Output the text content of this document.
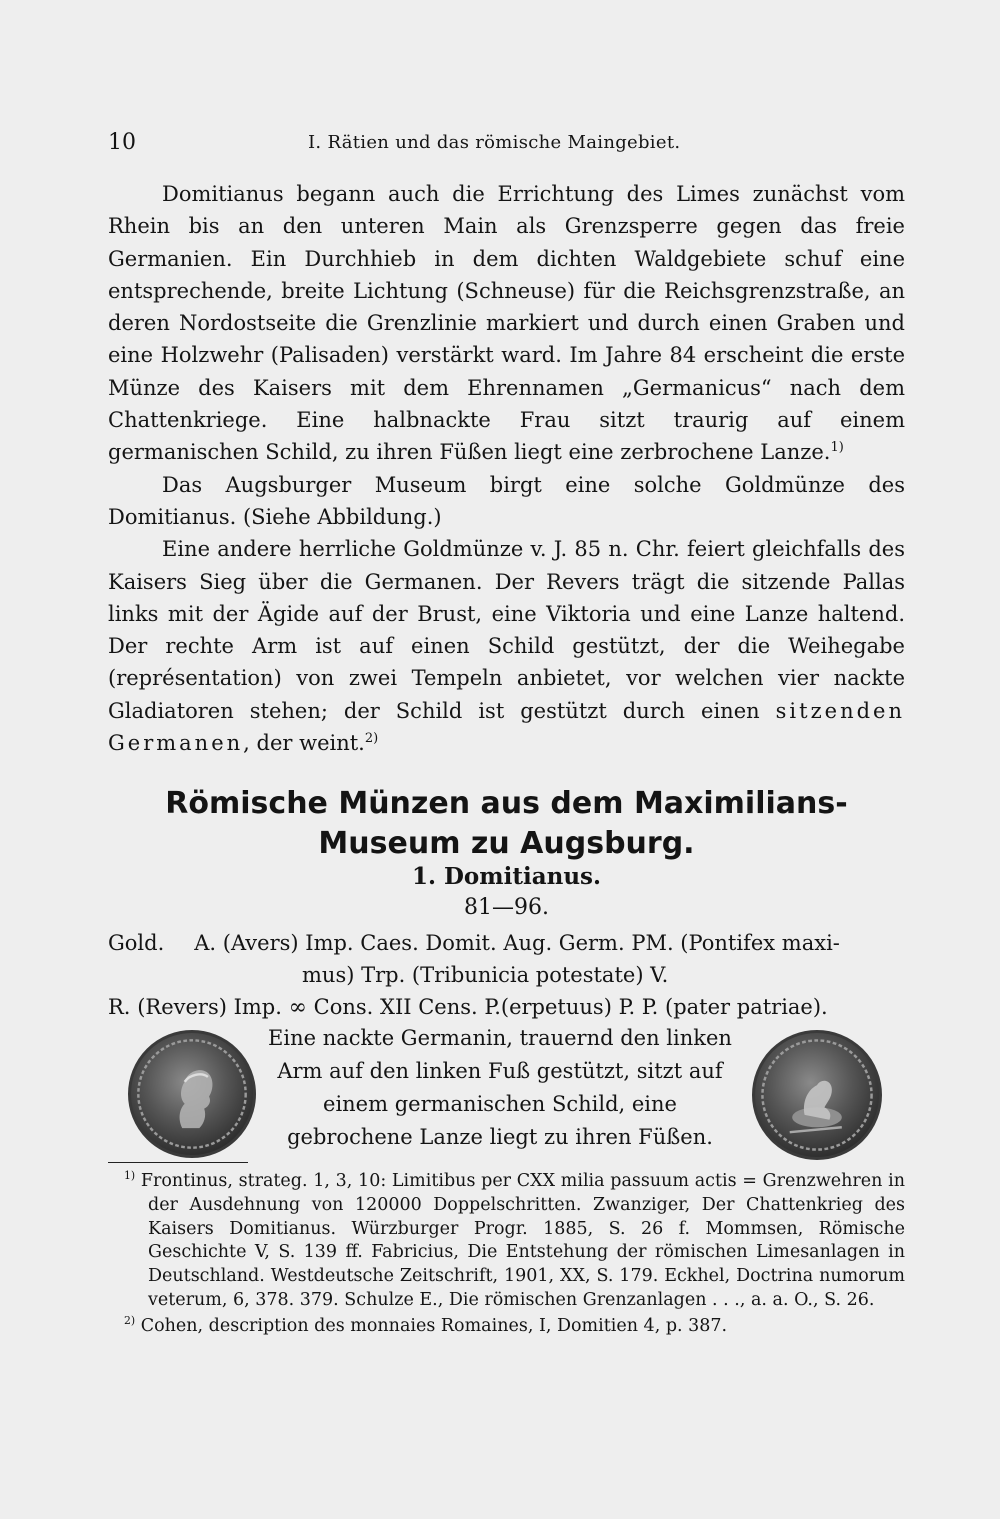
10	I. Rätien und das römische Maingebiet.

Domitianus begann auch die Errichtung des Limes zunächst vom Rhein bis an den unteren Main als Grenzsperre gegen das freie Germanien. Ein Durchhieb in dem dichten Waldgebiete schuf eine entsprechende, breite Lichtung (Schneuse) für die Reichsgrenzstraße, an deren Nordostseite die Grenzlinie markiert und durch einen Graben und eine Holzwehr (Palisaden) verstärkt ward. Im Jahre 84 erscheint die erste Münze des Kaisers mit dem Ehrennamen „Germanicus“ nach dem Chattenkriege. Eine halbnackte Frau sitzt traurig auf einem germanischen Schild, zu ihren Füßen liegt eine zerbrochene Lanze.$^{1)}$

Das Augsburger Museum birgt eine solche Goldmünze des Domitianus. (Siehe Abbildung.)

Eine andere herrliche Goldmünze v. J. 85 n. Chr. feiert gleichfalls des Kaisers Sieg über die Germanen. Der Revers trägt die sitzende Pallas links mit der Ägide auf der Brust, eine Viktoria und eine Lanze haltend. Der rechte Arm ist auf einen Schild gestützt, der die Weihegabe (représentation) von zwei Tempeln anbietet, vor welchen vier nackte Gladiatoren stehen; der Schild ist gestützt durch einen sitzenden Germanen, der weint.$^{2)}$

Römische Münzen aus dem Maximilians-Museum zu Augsburg.
1. Domitianus.
81—96.
Gold. A. (Avers) Imp. Caes. Domit. Aug. Germ. PM. (Pontifex maxi-
mus) Trp. (Tribunicia potestate) V.
R. (Revers) Imp. ∞ Cons. XII Cens. P.(erpetuus) P. P. (pater patriae).
Eine nackte Germanin, trauernd den linken Arm auf den linken Fuß gestützt, sitzt auf einem germanischen Schild, eine gebrochene Lanze liegt zu ihren Füßen.

$^{1)}$ Frontinus, strateg. 1, 3, 10: Limitibus per CXX milia passuum actis = Grenzwehren in der Ausdehnung von 120000 Doppelschritten. Zwanziger, Der Chattenkrieg des Kaisers Domitianus. Würzburger Progr. 1885, S. 26 f. Mommsen, Römische Geschichte V, S. 139 ff. Fabricius, Die Entstehung der römischen Limesanlagen in Deutschland. Westdeutsche Zeitschrift, 1901, XX, S. 179. Eckhel, Doctrina numorum veterum, 6, 378. 379. Schulze E., Die römischen Grenzanlagen . . ., a. a. O., S. 26.

$^{2)}$ Cohen, description des monnaies Romaines, I, Domitien 4, p. 387.
